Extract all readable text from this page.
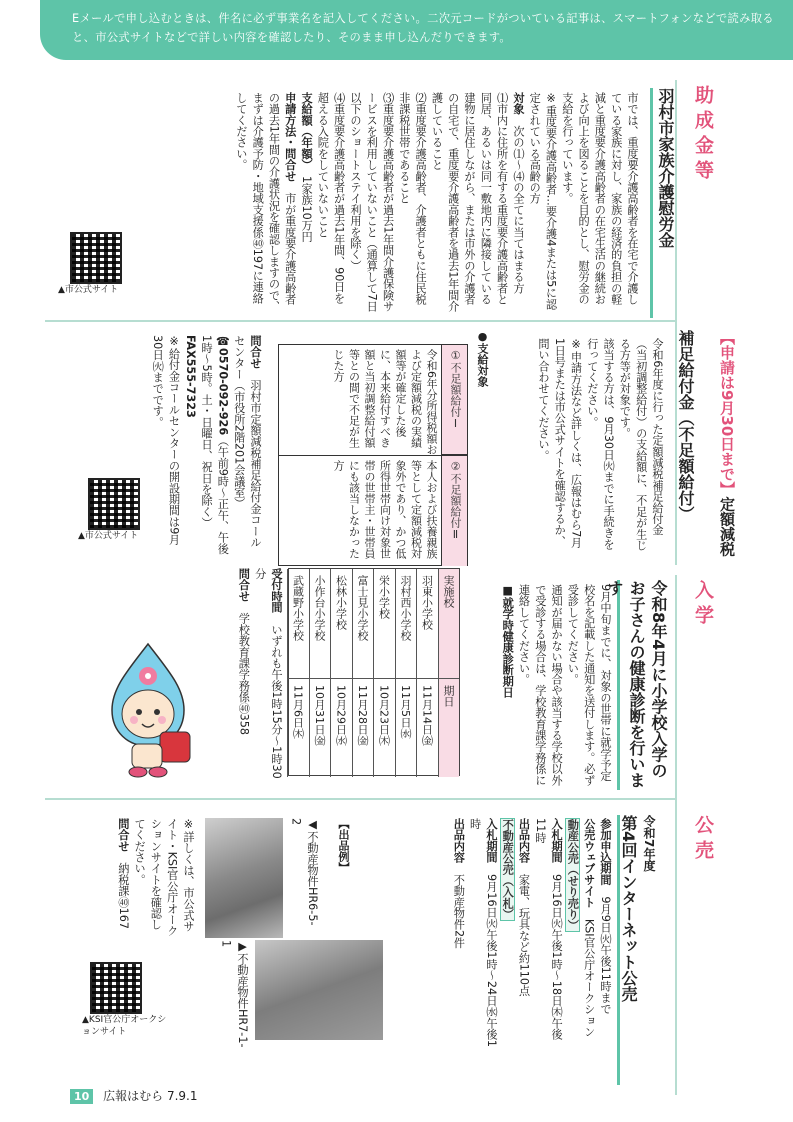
Eメールで申し込むときは、件名に必ず事業名を記入してください。二次元コードがついている記事は、スマートフォンなどで読み取ると、市公式サイトなどで詳しい内容を確認したり、そのまま申し込んだりできます。
助成金等
羽村市家族介護慰労金

市では、重度要介護高齢者を在宅で介護している家族に対し、家族の経済的負担の軽減と重度要介護高齢者の在宅生活の継続および向上を図ることを目的とし、慰労金の支給を行っています。

※重度要介護高齢者…要介護4または5に認定されている高齢の方

対象　次の⑴〜⑷の全てに当てはまる方

⑴市内に住所を有する重度要介護高齢者と同居、あるいは同一敷地内に隣接している建物に居住しながら、または市外の介護者の自宅で、重度要介護高齢者を過去1年間介護していること

⑵重度要介護高齢者、介護者ともに住民税非課税世帯であること

⑶重度要介護高齢者が過去1年間介護保険サービスを利用していないこと（通算して7日以下のショートステイ利用を除く）

⑷重度要介護高齢者が過去1年間、90日を超える入院をしていないこと

支給額（年額）　1家族10万円

申請方法・問合せ　市が重度要介護高齢者の過去1年間の介護状況を確認しますので、まずは介護予防・地域支援係㊵197に連絡してください。

▲市公式サイト
【申請は9月30日まで】定額減税
補足給付金（不足額給付）

令和6年度に行った定額減税補足給付金（当初調整給付）の支給額に、不足が生じる方等が対象です。

該当する方は、9月30日㈫までに手続きを行ってください。

※申請方法など詳しくは、広報はむら7月1日号または市公式サイトを確認するか、問い合わせてください。

●支給対象
①不足額給付Ⅰ
令和6年分所得税額および定額減税の実績額等が確定した後に、本来給付すべき額と当初調整給付額等との間で不足が生じた方
②不足額給付Ⅱ
本人および扶養親族等として定額減税対象外であり、かつ低所得世帯向け対象世帯の世帯主・世帯員にも該当しなかった方

問合せ　羽村市定額減税補足給付金コールセンター（市役所2階201会議室）

☎0570-092-926（午前9時〜正午、午後1時〜5時。土・日曜日、祝日を除く）

FAX555-7323

※給付金コールセンターの開設期間は9月30日㈫までです。

▲市公式サイト
入学
令和8年4月に小学校入学のお子さんの健康診断を行います

9月中旬までに、対象の世帯に就学予定校名を記載した通知を送付します。必ず受診してください。

通知が届かない場合や該当する学校以外で受診する場合は、学校教育課学務係に連絡してください。

■就学時健康診断期日

実施校
期日
羽東小学校
11月14日㈮
羽村西小学校
11月5日㈬
栄小学校
10月23日㈭
富士見小学校
11月28日㈮
松林小学校
10月29日㈬
小作台小学校
10月31日㈮
武蔵野小学校
11月6日㈭

受付時間　いずれも午後1時15分〜1時30分

問合せ　学校教育課学務係㊵358

公売
令和7年度
第4回インターネット公売

参加申込期間　9月9日㈫午後11時まで

公売ウェブサイト　KSI官公庁オークション

動産公売（せり売り）

入札期間　9月16日㈫午後1時〜18日㈭午後11時

出品内容　家電、玩具など約110点

不動産公売（入札）

入札期間　9月16日㈫午後1時〜24日㈬午後1時

出品内容　不動産物件2件

【出品例】
◀不動産物件HR6-5-2
▶不動産物件HR7-1-1

※詳しくは、市公式サイト・KSI官公庁オークションサイトを確認してください。

問合せ　納税課㊵167

▲KSI官公庁オークションサイト
10 広報はむら 7.9.1
